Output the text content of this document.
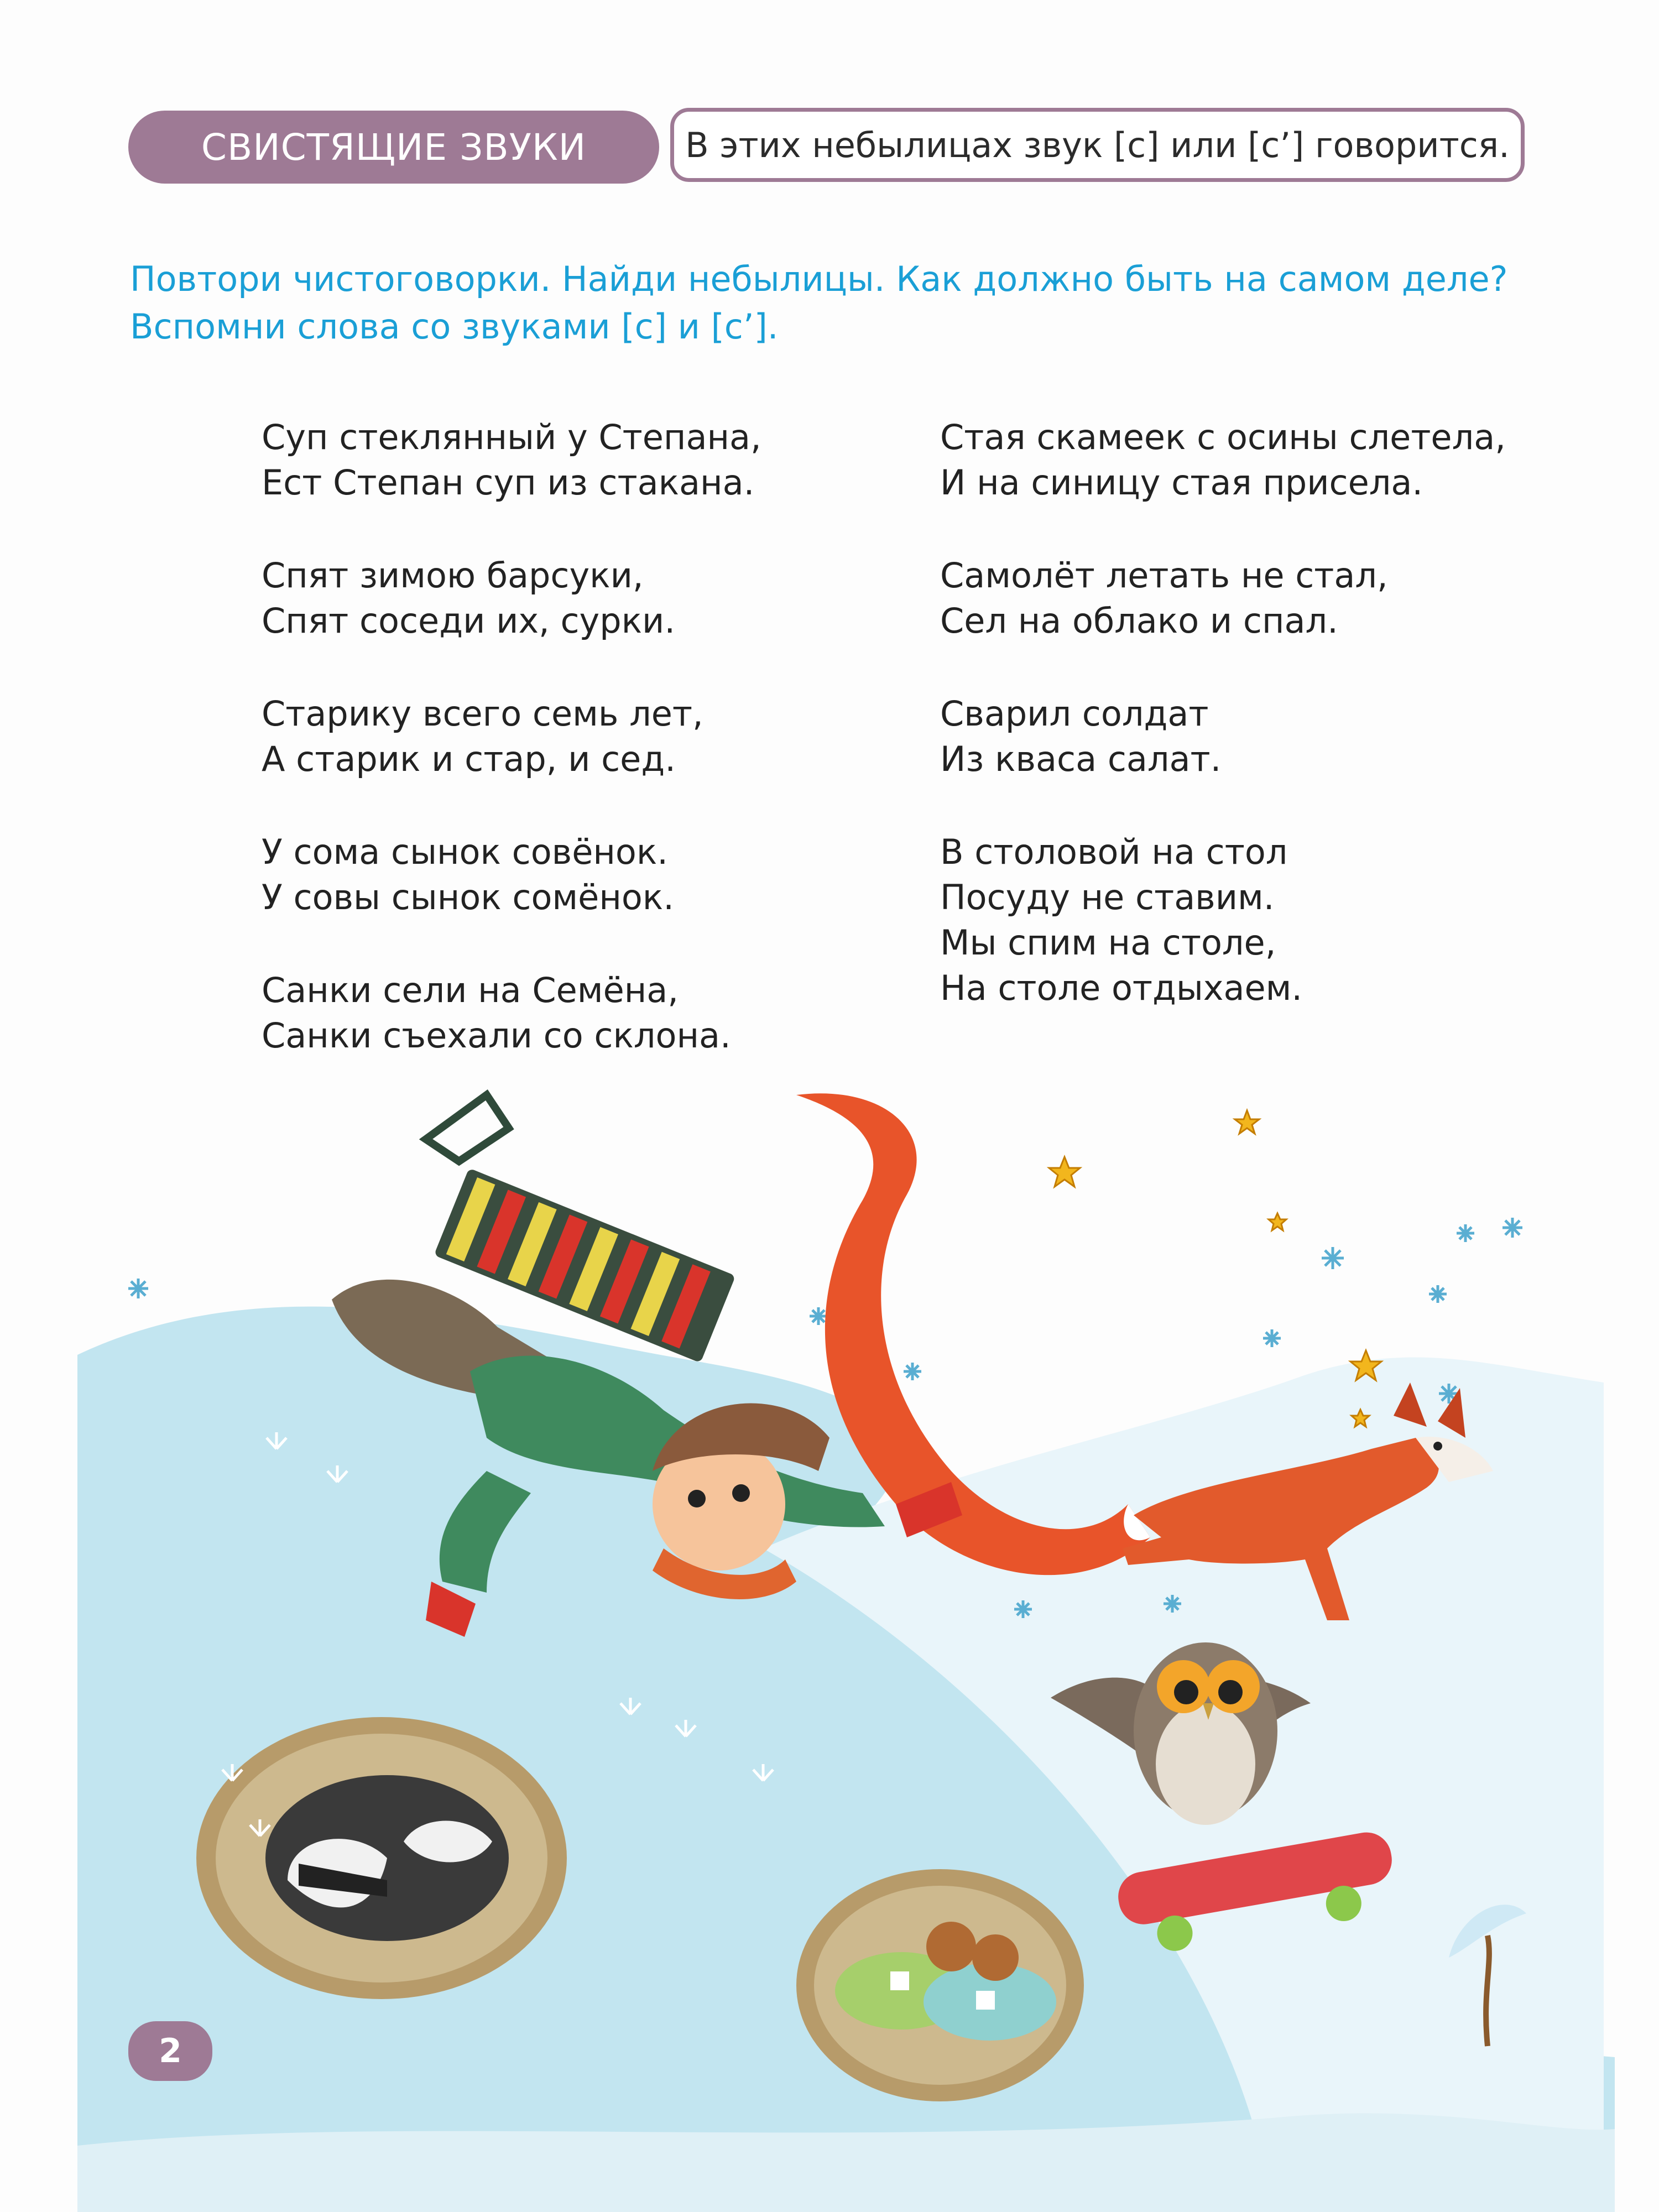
СВИСТЯЩИЕ ЗВУКИ	В этих небылицах звук [с] или [с’] говорится.
Повтори чистоговорки. Найди небылицы. Как должно быть на самом деле?
Вспомни слова со звуками [с] и [с’].
Суп стеклянный у Степана,
Ест Степан суп из стакана.
Спят зимою барсуки,
Спят соседи их, сурки.
Старику всего семь лет,
А старик и стар, и сед.
У сома сынок совёнок.
У совы сынок сомёнок.
Санки сели на Семёна,
Санки съехали со склона.
Стая скамеек с осины слетела,
И на синицу стая присела.
Самолёт летать не стал,
Сел на облако и спал.
Сварил солдат
Из кваса салат.
В столовой на стол
Посуду не ставим.
Мы спим на столе,
На столе отдыхаем.
2
